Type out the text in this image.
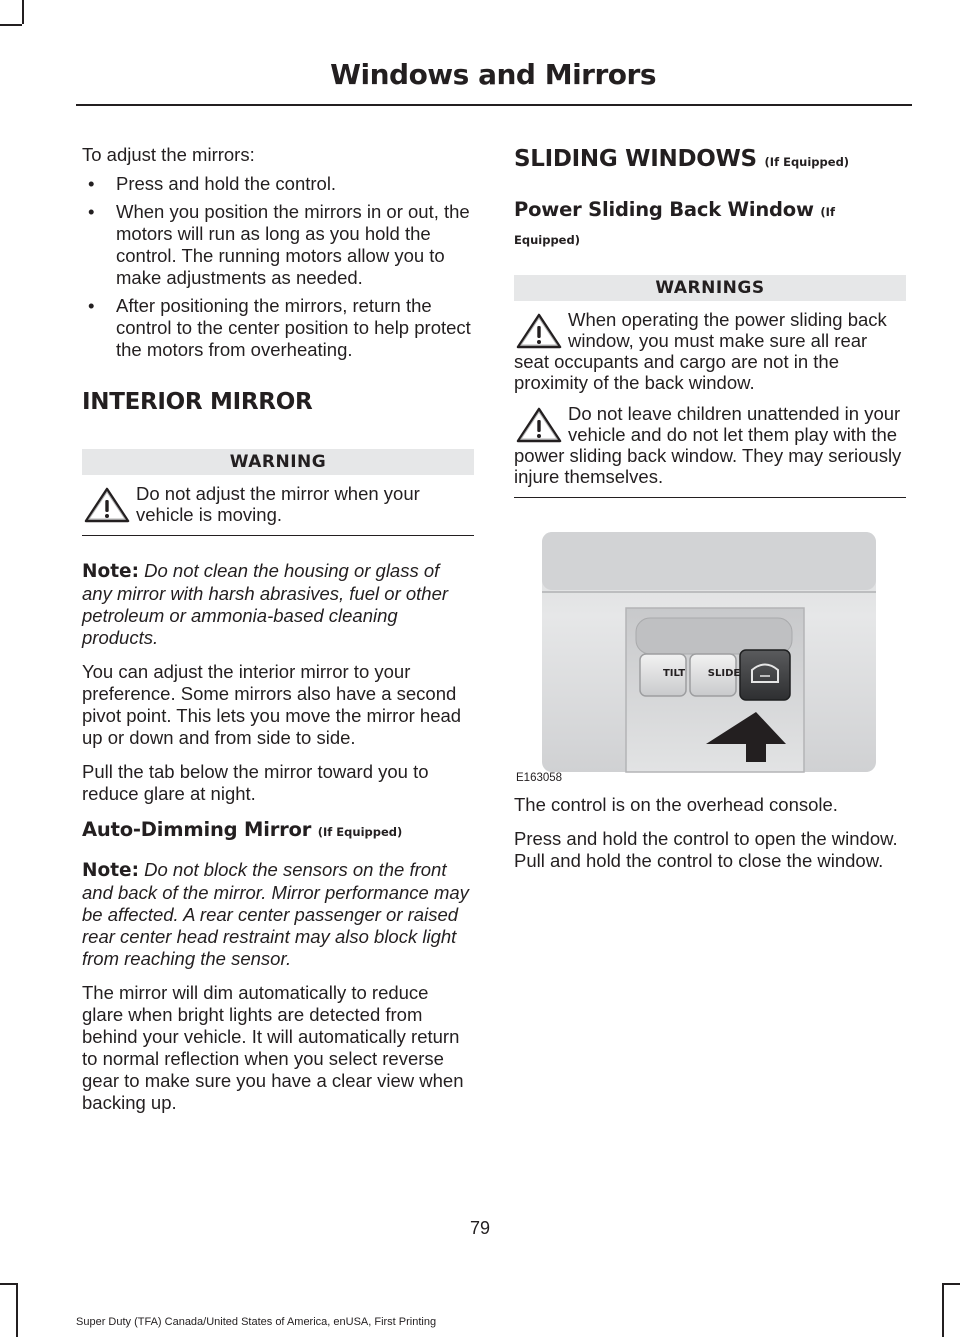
Windows and Mirrors

To adjust the mirrors:

• Press and hold the control.
• When you position the mirrors in or out, the motors will run as long as you hold the control. The running motors allow you to make adjustments as needed.
• After positioning the mirrors, return the control to the center position to help protect the motors from overheating.
INTERIOR MIRROR
WARNING
Do not adjust the mirror when your vehicle is moving.

Note: Do not clean the housing or glass of any mirror with harsh abrasives, fuel or other petroleum or ammonia-based cleaning products.

You can adjust the interior mirror to your preference. Some mirrors also have a second pivot point. This lets you move the mirror head up or down and from side to side.

Pull the tab below the mirror toward you to reduce glare at night.

Auto-Dimming Mirror (If Equipped)

Note: Do not block the sensors on the front and back of the mirror. Mirror performance may be affected. A rear center passenger or raised rear center head restraint may also block light from reaching the sensor.

The mirror will dim automatically to reduce glare when bright lights are detected from behind your vehicle. It will automatically return to normal reflection when you select reverse gear to make sure you have a clear view when backing up.

SLIDING WINDOWS (If Equipped)
Power Sliding Back Window (If
Equipped)
WARNINGS
When operating the power sliding back window, you must make sure all rear seat occupants and cargo are not in the proximity of the back window.
Do not leave children unattended in your vehicle and do not let them play with the power sliding back window. They may seriously injure themselves.
TILT	SLIDE
E163058

The control is on the overhead console.

Press and hold the control to open the window. Pull and hold the control to close the window.

79
Super Duty (TFA) Canada/United States of America, enUSA, First Printing
